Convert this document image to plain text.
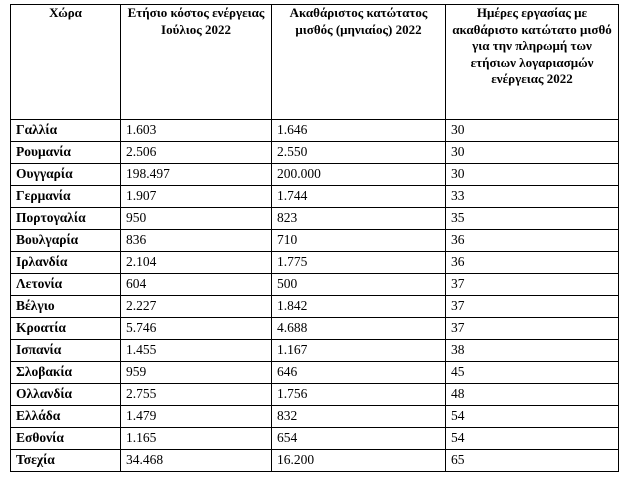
Χώρα	Ετήσιο κόστος ενέργειας Ιούλιος 2022	Ακαθάριστος κατώτατος μισθός (μηνιαίος) 2022	Ημέρες εργασίας με ακαθάριστο κατώτατο μισθό για την πληρωμή των ετήσιων λογαριασμών ενέργειας 2022
Γαλλία	1.603	1.646	30
Ρουμανία	2.506	2.550	30
Ουγγαρία	198.497	200.000	30
Γερμανία	1.907	1.744	33
Πορτογαλία	950	823	35
Βουλγαρία	836	710	36
Ιρλανδία	2.104	1.775	36
Λετονία	604	500	37
Βέλγιο	2.227	1.842	37
Κροατία	5.746	4.688	37
Ισπανία	1.455	1.167	38
Σλοβακία	959	646	45
Ολλανδία	2.755	1.756	48
Ελλάδα	1.479	832	54
Εσθονία	1.165	654	54
Τσεχία	34.468	16.200	65
